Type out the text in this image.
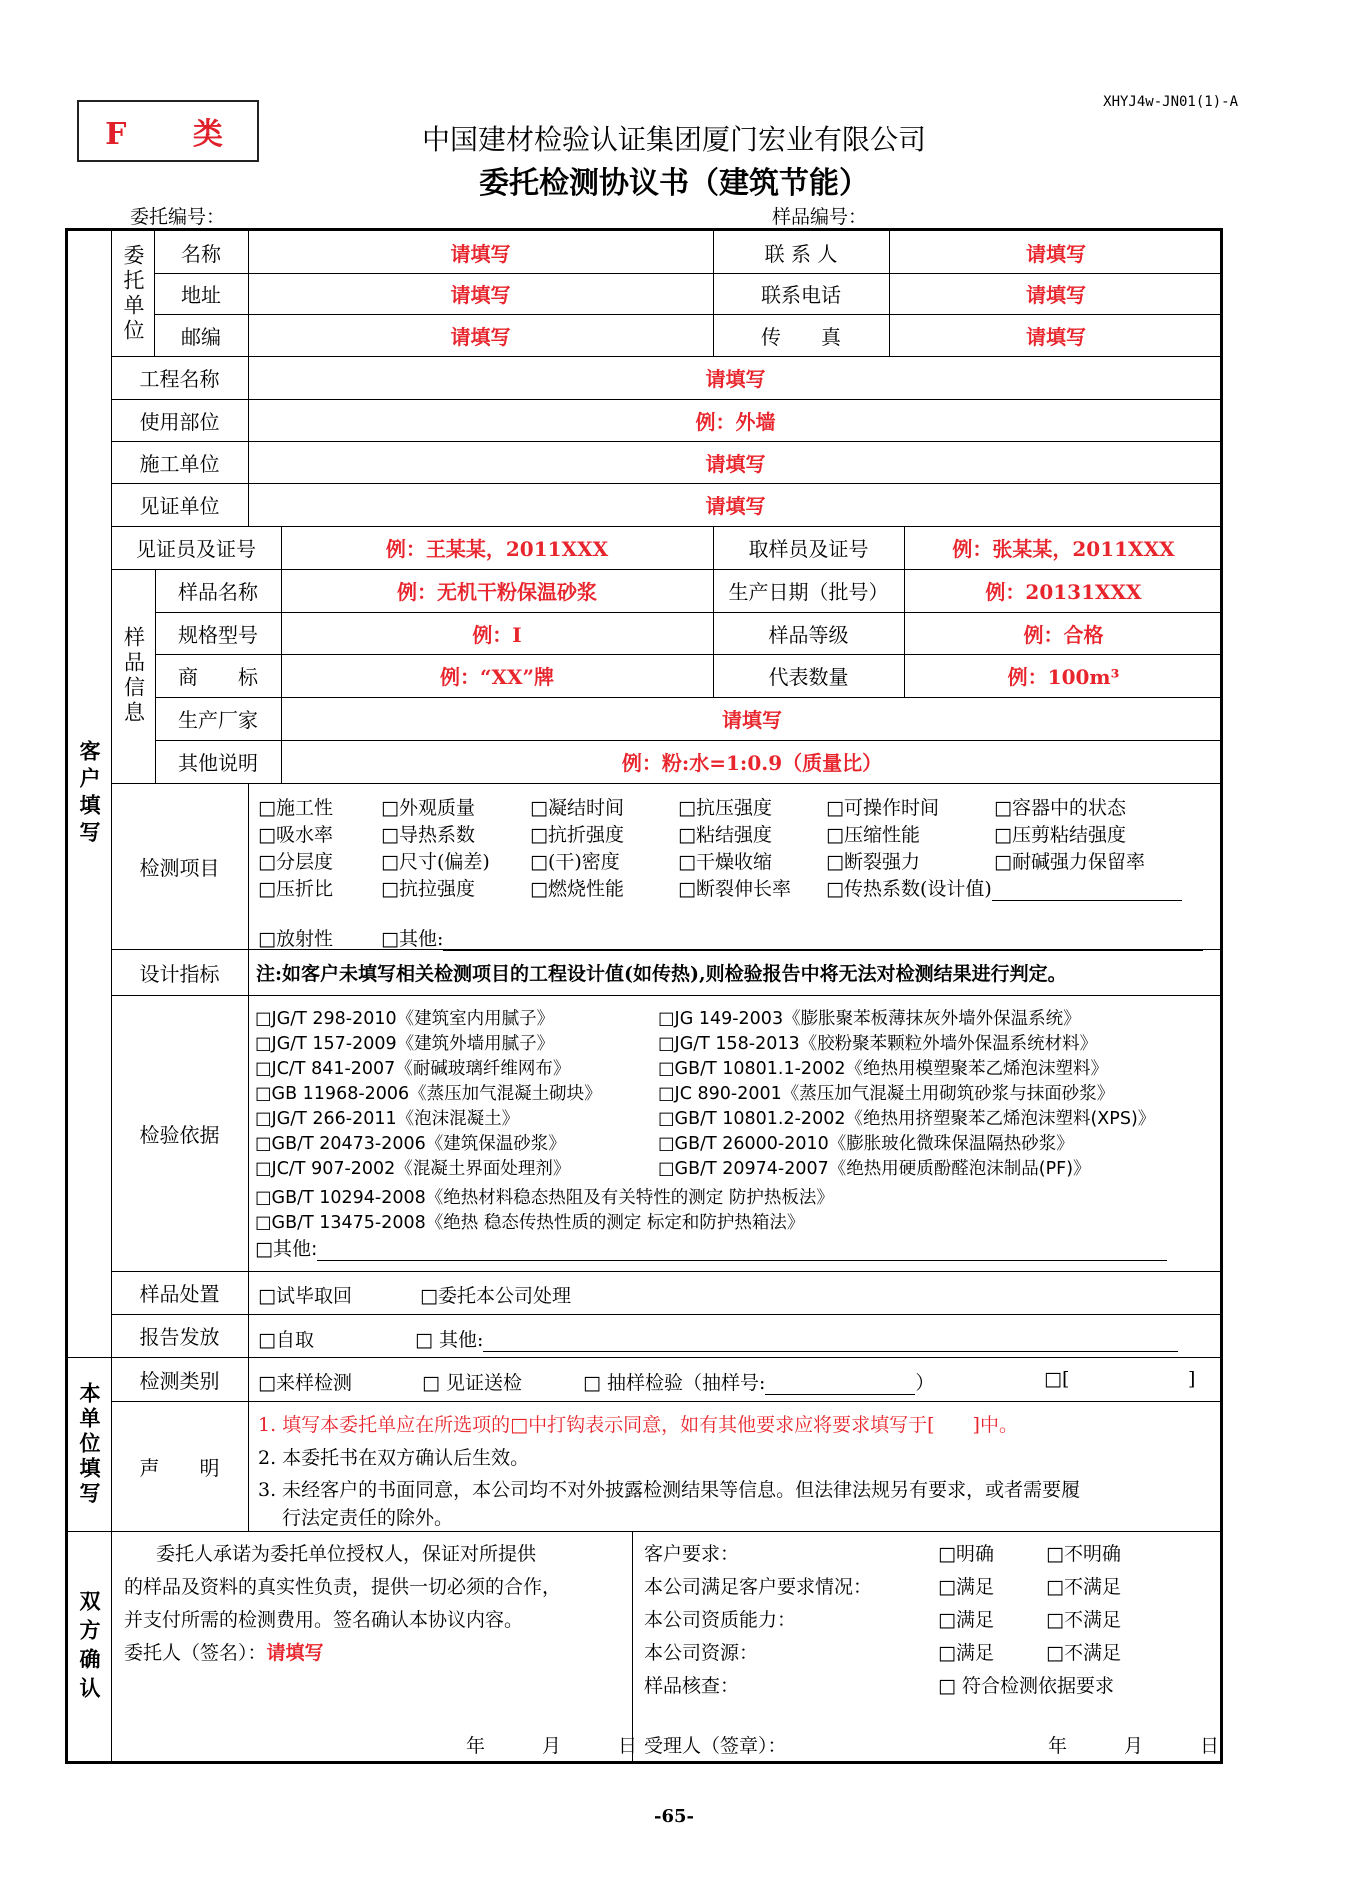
F 类
XHYJ4w-JN01(1)-A
中国建材检验认证集团厦门宏业有限公司
委托检测协议书（建筑节能）
委托编号：	样品编号：
客户填写
本单位填写
双方确认
委托单位	名称	请填写	联 系 人	请填写
地址	请填写	联系电话	请填写
邮编	请填写	传　　真	请填写
工程名称	请填写
使用部位	例：外墙
施工单位	请填写
见证单位	请填写
见证员及证号	例：王某某，2011XXX	取样员及证号	例：张某某，2011XXX
样品信息
样品名称	例：无机干粉保温砂浆	生产日期（批号）	例：20131XXX
规格型号	例：Ⅰ	样品等级	例：合格
商　　标	例：“XX”牌	代表数量	例：100m³
生产厂家	请填写
其他说明	例：粉:水=1:0.9（质量比）
检测项目
□施工性	□外观质量	□凝结时间	□抗压强度	□可操作时间	□容器中的状态
□吸水率	□导热系数	□抗折强度	□粘结强度	□压缩性能	□压剪粘结强度
□分层度	□尺寸(偏差) □(干)密度	□干燥收缩	□断裂强力	□耐碱强力保留率
□压折比	□抗拉强度	□燃烧性能	□断裂伸长率 □传热系数(设计值)
□放射性	□其他:
设计指标	注:如客户未填写相关检测项目的工程设计值(如传热),则检验报告中将无法对检测结果进行判定。
检验依据
□JG/T 298-2010《建筑室内用腻子》
□JG/T 157-2009《建筑外墙用腻子》
□JC/T 841-2007《耐碱玻璃纤维网布》
□GB 11968-2006《蒸压加气混凝土砌块》
□JG/T 266-2011《泡沫混凝土》
□GB/T 20473-2006《建筑保温砂浆》
□JC/T 907-2002《混凝土界面处理剂》
□JG 149-2003《膨胀聚苯板薄抹灰外墙外保温系统》
□JG/T 158-2013《胶粉聚苯颗粒外墙外保温系统材料》
□GB/T 10801.1-2002《绝热用模塑聚苯乙烯泡沫塑料》
□JC 890-2001《蒸压加气混凝土用砌筑砂浆与抹面砂浆》
□GB/T 10801.2-2002《绝热用挤塑聚苯乙烯泡沫塑料(XPS)》
□GB/T 26000-2010《膨胀玻化微珠保温隔热砂浆》
□GB/T 20974-2007《绝热用硬质酚醛泡沫制品(PF)》
□GB/T 10294-2008《绝热材料稳态热阻及有关特性的测定 防护热板法》
□GB/T 13475-2008《绝热 稳态传热性质的测定 标定和防护热箱法》
□其他:
样品处置	□试毕取回	□委托本公司处理
报告发放	□自取	□ 其他:
检测类别	□来样检测	□ 见证送检	□ 抽样检验（抽样号:	）	□[	]
声　　明
1. 填写本委托单应在所选项的□中打钩表示同意，如有其他要求应将要求填写于[　　]中。
2. 本委托书在双方确认后生效。
3. 未经客户的书面同意，本公司均不对外披露检测结果等信息。但法律法规另有要求，或者需要履
行法定责任的除外。
委托人承诺为委托单位授权人，保证对所提供
的样品及资料的真实性负责，提供一切必须的合作，
并支付所需的检测费用。签名确认本协议内容。
委托人（签名）：请填写
年　　　月　　　日
客户要求：	□明确	□不明确
本公司满足客户要求情况：	□满足	□不满足
本公司资质能力：	□满足	□不满足
本公司资源：	□满足	□不满足
样品核查：	□ 符合检测依据要求
受理人（签章）：	年　　　月　　　日
-65-
